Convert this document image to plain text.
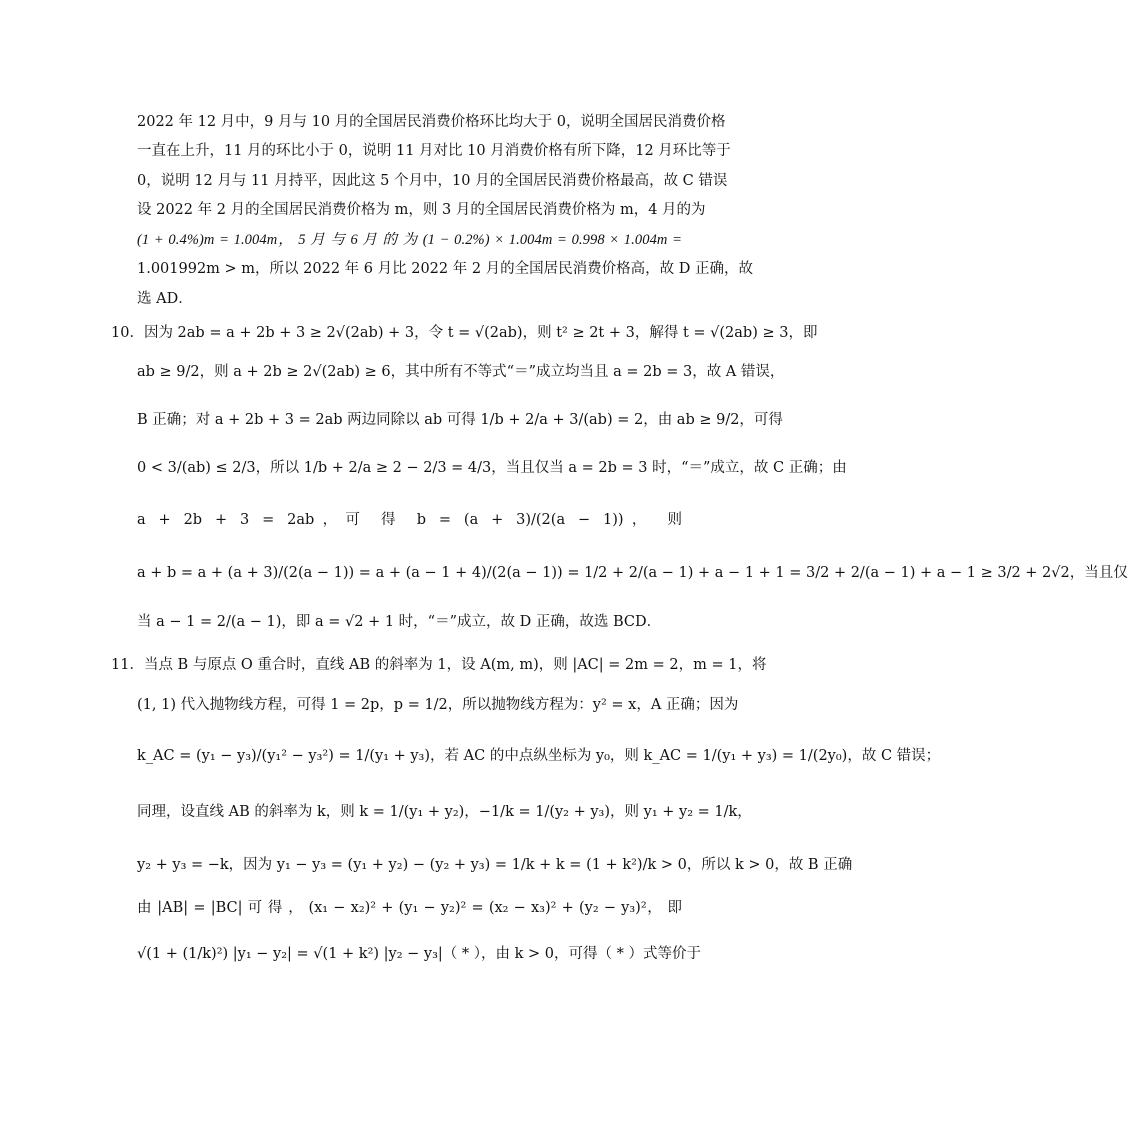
2022 年 12 月中，9 月与 10 月的全国居民消费价格环比均大于 0，说明全国居民消费价格
一直在上升，11 月的环比小于 0，说明 11 月对比 10 月消费价格有所下降，12 月环比等于
0，说明 12 月与 11 月持平，因此这 5 个月中，10 月的全国居民消费价格最高，故 C 错误
设 2022 年 2 月的全国居民消费价格为 m，则 3 月的全国居民消费价格为 m，4 月的为
(1 + 0.4%)m = 1.004m， 5 月 与 6 月 的 为 (1 − 0.2%) × 1.004m = 0.998 × 1.004m =
1.001992m > m，所以 2022 年 6 月比 2022 年 2 月的全国居民消费价格高，故 D 正确，故
选 AD．
10．因为 2ab = a + 2b + 3 ≥ 2√(2ab) + 3，令 t = √(2ab)，则 t² ≥ 2t + 3，解得 t = √(2ab) ≥ 3，即
ab ≥ 9/2，则 a + 2b ≥ 2√(2ab) ≥ 6，其中所有不等式“＝”成立均当且 a = 2b = 3，故 A 错误，
B 正确；对 a + 2b + 3 = 2ab 两边同除以 ab 可得 1/b + 2/a + 3/(ab) = 2，由 ab ≥ 9/2，可得
0 < 3/(ab) ≤ 2/3，所以 1/b + 2/a ≥ 2 − 2/3 = 4/3，当且仅当 a = 2b = 3 时，“＝”成立，故 C 正确；由
a + 2b + 3 = 2ab，可 得 b = (a + 3)/(2(a − 1))， 则
a + b = a + (a + 3)/(2(a − 1)) = a + (a − 1 + 4)/(2(a − 1)) = 1/2 + 2/(a − 1) + a − 1 + 1 = 3/2 + 2/(a − 1) + a − 1 ≥ 3/2 + 2√2，当且仅
当 a − 1 = 2/(a − 1)，即 a = √2 + 1 时，“＝”成立，故 D 正确，故选 BCD．
11．当点 B 与原点 O 重合时，直线 AB 的斜率为 1，设 A(m, m)，则 |AC| = 2m = 2，m = 1，将
(1, 1) 代入抛物线方程，可得 1 = 2p，p = 1/2，所以抛物线方程为：y² = x，A 正确；因为
k_AC = (y₁ − y₃)/(y₁² − y₃²) = 1/(y₁ + y₃)，若 AC 的中点纵坐标为 y₀，则 k_AC = 1/(y₁ + y₃) = 1/(2y₀)，故 C 错误；
同理，设直线 AB 的斜率为 k，则 k = 1/(y₁ + y₂)，−1/k = 1/(y₂ + y₃)，则 y₁ + y₂ = 1/k，
y₂ + y₃ = −k，因为 y₁ − y₃ = (y₁ + y₂) − (y₂ + y₃) = 1/k + k = (1 + k²)/k > 0，所以 k > 0，故 B 正确
由 |AB| = |BC| 可 得 ， (x₁ − x₂)² + (y₁ − y₂)² = (x₂ − x₃)² + (y₂ − y₃)²， 即
√(1 + (1/k)²) |y₁ − y₂| = √(1 + k²) |y₂ − y₃|（ * ），由 k > 0，可得（ * ）式等价于
